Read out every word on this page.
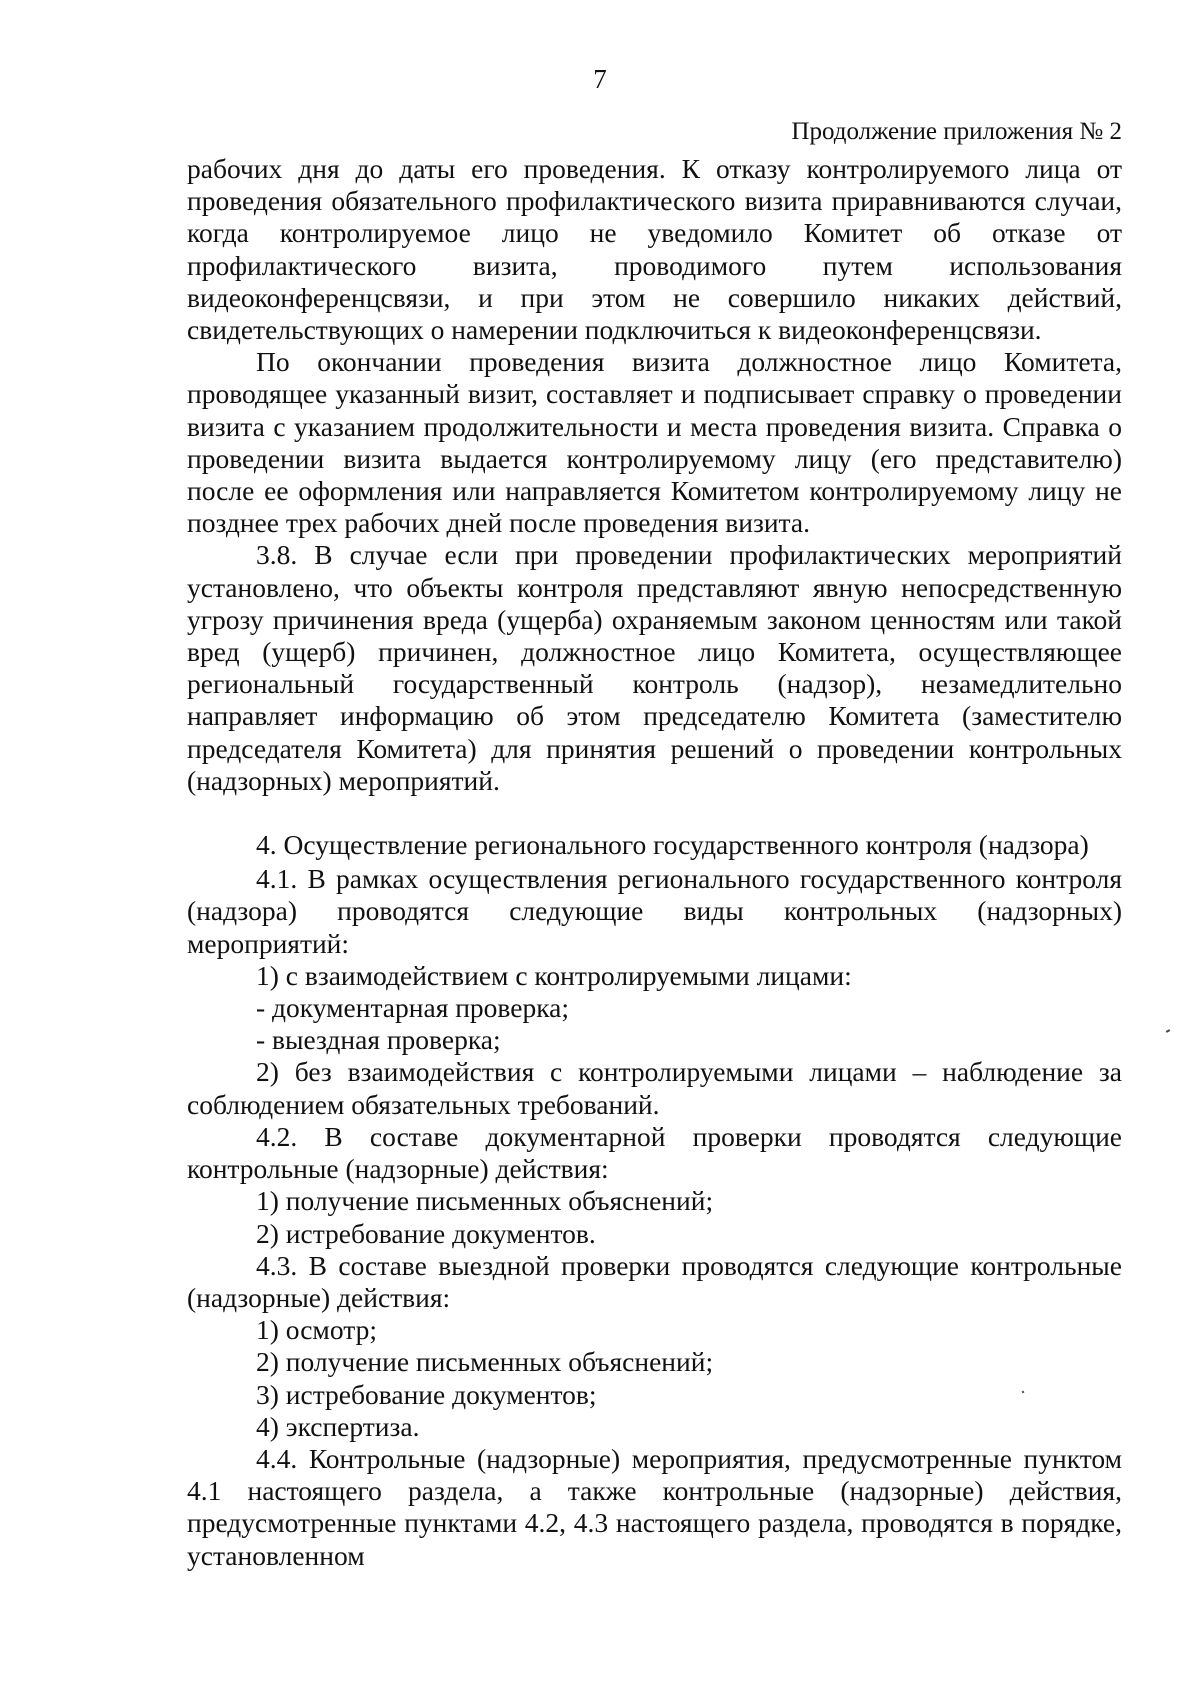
7
Продолжение приложения № 2

рабочих дня до даты его проведения. К отказу контролируемого лица от проведения обязательного профилактического визита приравниваются случаи, когда контролируемое лицо не уведомило Комитет об отказе от профилактического визита, проводимого путем использования видеоконференцсвязи, и при этом не совершило никаких действий, свидетельствующих о намерении подключиться к видеоконференцсвязи.

По окончании проведения визита должностное лицо Комитета, проводящее указанный визит, составляет и подписывает справку о проведении визита с указанием продолжительности и места проведения визита. Справка о проведении визита выдается контролируемому лицу (его представителю) после ее оформления или направляется Комитетом контролируемому лицу не позднее трех рабочих дней после проведения визита.

3.8. В случае если при проведении профилактических мероприятий установлено, что объекты контроля представляют явную непосредственную угрозу причинения вреда (ущерба) охраняемым законом ценностям или такой вред (ущерб) причинен, должностное лицо Комитета, осуществляющее региональный государственный контроль (надзор), незамедлительно направляет информацию об этом председателю Комитета (заместителю председателя Комитета) для принятия решений о проведении контрольных (надзорных) мероприятий.

4. Осуществление регионального государственного контроля (надзора)

4.1. В рамках осуществления регионального государственного контроля (надзора) проводятся следующие виды контрольных (надзорных) мероприятий:

1) с взаимодействием с контролируемыми лицами:

- документарная проверка;

- выездная проверка;

2) без взаимодействия с контролируемыми лицами – наблюдение за соблюдением обязательных требований.

4.2. В составе документарной проверки проводятся следующие контрольные (надзорные) действия:

1) получение письменных объяснений;

2) истребование документов.

4.3. В составе выездной проверки проводятся следующие контрольные (надзорные) действия:

1) осмотр;

2) получение письменных объяснений;

3) истребование документов;

4) экспертиза.

4.4. Контрольные (надзорные) мероприятия, предусмотренные пунктом 4.1 настоящего раздела, а также контрольные (надзорные) действия, предусмотренные пунктами 4.2, 4.3 настоящего раздела, проводятся в порядке, установленном
